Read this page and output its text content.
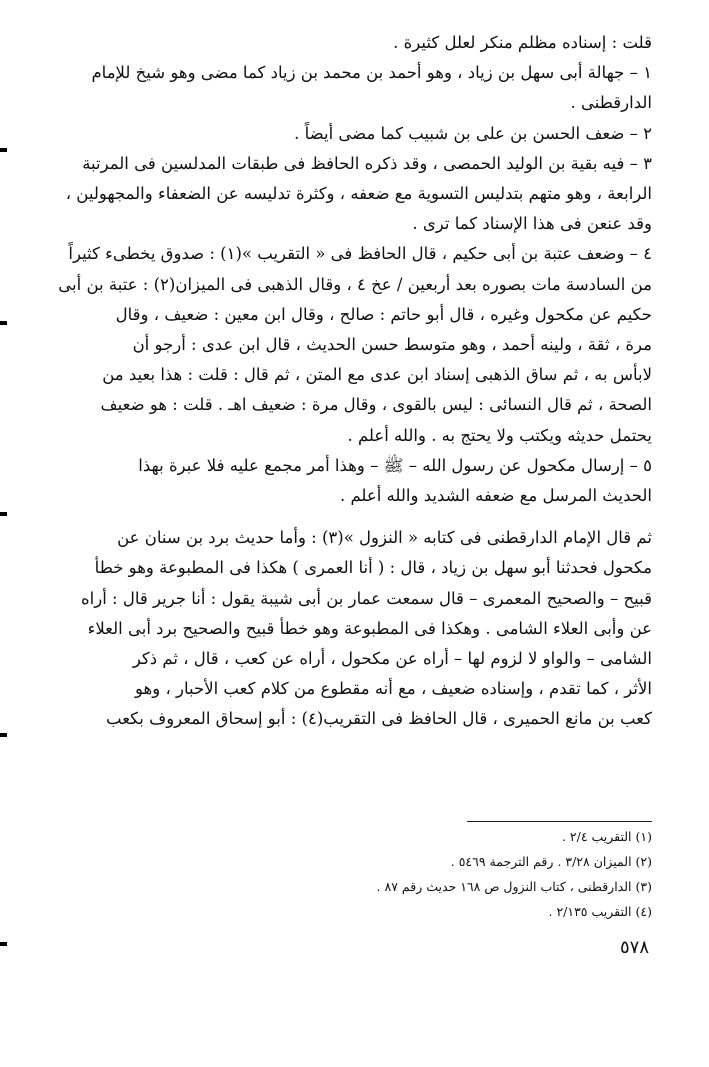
قلت : إسناده مظلم منكر لعلل كثيرة .
١ – جهالة أبى سهل بن زياد ، وهو أحمد بن محمد بن زياد كما مضى وهو شيخ للإمام
الدارقطنى .
٢ – ضعف الحسن بن على بن شبيب كما مضى أيضاً .
٣ – فيه بقية بن الوليد الحمصى ، وقد ذكره الحافظ فى طبقات المدلسين فى المرتبة
الرابعة ، وهو متهم بتدليس التسوية مع ضعفه ، وكثرة تدليسه عن الضعفاء والمجهولين ،
وقد عنعن فى هذا الإسناد كما ترى .
٤ – وضعف عتبة بن أبى حكيم ، قال الحافظ فى « التقريب »(١) : صدوق يخطىء كثيراً
من السادسة مات بصوره بعد أربعين / عخ ٤ ، وقال الذهبى فى الميزان(٢) : عتبة بن أبى
حكيم عن مكحول وغيره ، قال أبو حاتم : صالح ، وقال ابن معين : ضعيف ، وقال
مرة ، ثقة ، ولينه أحمد ، وهو متوسط حسن الحديث ، قال ابن عدى : أرجو أن
لابأس به ، ثم ساق الذهبى إسناد ابن عدى مع المتن ، ثم قال : قلت : هذا بعيد من
الصحة ، ثم قال النسائى : ليس بالقوى ، وقال مرة : ضعيف اهـ . قلت : هو ضعيف
يحتمل حديثه ويكتب ولا يحتج به . والله أعلم .
٥ – إرسال مكحول عن رسول الله – ﷺ – وهذا أمر مجمع عليه فلا عبرة بهذا
الحديث المرسل مع ضعفه الشديد والله أعلم .
ثم قال الإمام الدارقطنى فى كتابه « النزول »(٣) : وأما حديث برد بن سنان عن
مكحول فحدثنا أبو سهل بن زياد ، قال : ( أنا العمرى ) هكذا فى المطبوعة وهو خطأ
قبيح – والصحيح المعمرى – قال سمعت عمار بن أبى شيبة يقول : أنا جرير قال : أراه
عن وأبى العلاء الشامى . وهكذا فى المطبوعة وهو خطأ قبيح والصحيح برد أبى العلاء
الشامى – والواو لا لزوم لها – أراه عن مكحول ، أراه عن كعب ، قال ، ثم ذكر
الأثر ، كما تقدم ، وإسناده ضعيف ، مع أنه مقطوع من كلام كعب الأحبار ، وهو
كعب بن مانع الحميرى ، قال الحافظ فى التقريب(٤) : أبو إسحاق المعروف بكعب
(١) التقريب ٢/٤ .
(٢) الميزان ٣/٢٨ . رقم الترجمة ٥٤٦٩ .
(٣) الدارقطنى ، كتاب النزول ص ١٦٨ حديث رقم ٨٧ .
(٤) التقريب ٢/١٣٥ .
٥٧٨
